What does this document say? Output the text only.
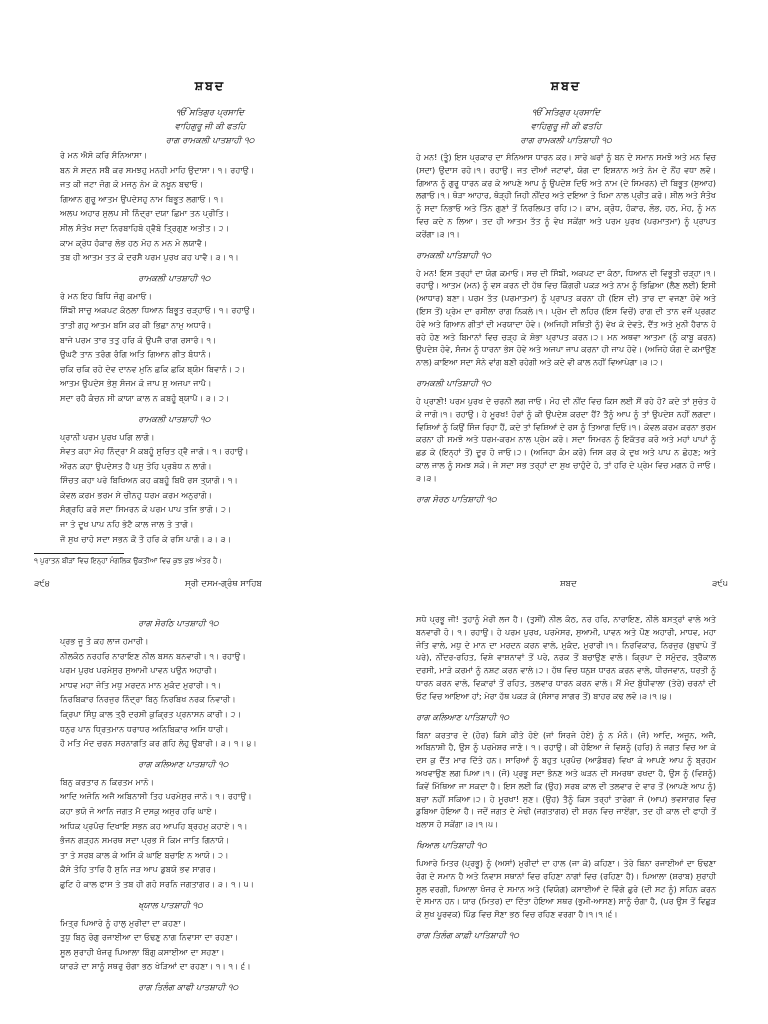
ਸ਼ਬਦ
ੴ ਸਤਿਗੁਰ ਪ੍ਰਸਾਦਿ
ਵਾਹਿਗੁਰੂ ਜੀ ਕੀ ਫਤਹਿ
ਰਾਗ ਰਾਮਕਲੀ ਪਾਤਸ਼ਾਹੀ ੧੦
ਰੇ ਮਨ ਐਸੋ ਕਰਿ ਸੰਨਿਆਸਾ।
ਬਨ ਸੇ ਸਦਨ ਸਬੈ ਕਰ ਸਮਝਹੁ ਮਨਹੀ ਮਾਹਿ ਉਦਾਸਾ। ੧। ਰਹਾਉ।
ਜਤ ਕੀ ਜਟਾ ਜੋਗ ਕੋ ਮਜਨੁ ਨੇਮ ਕੇ ਨਖੂਨ ਬਢਾਓ।
ਗਿਆਨ ਗੁਰੂ ਆਤਮ ਉਪਦੇਸਹੁ ਨਾਮ ਬਿਭੂਤ ਲਗਾਓ। ੧।
ਅਲਪ ਅਹਾਰ ਸੁਲਪ ਸੀ ਨਿੰਦ੍ਰਾ ਦਯਾ ਛਿਮਾ ਤਨ ਪ੍ਰੀਤਿ।
ਸੀਲ ਸੰਤੋਖ ਸਦਾ ਨਿਰਬਾਹਿਬੋ ਹ੍ਵੈਬੋ ਤ੍ਰਿਗੁਣ ਅਤੀਤ। ੨।
ਕਾਮ ਕ੍ਰੋਧ ਹੰਕਾਰ ਲੋਭ ਹਠ ਮੋਹ ਨ ਮਨ ਮੋ ਲਯਾਵੈ।
ਤਬ ਹੀ ਆਤਮ ਤਤ ਕੋ ਦਰਸੈ ਪਰਮ ਪੁਰਖ ਕਹ ਪਾਵੈ। ੩। ੧।
ਰਾਮਕਲੀ ਪਾਤਸ਼ਾਹੀ ੧੦
ਰੇ ਮਨ ਇਹ ਬਿਧਿ ਜੋਗੁ ਕਮਾਓ।
ਸਿੰਙੀ ਸਾਚੁ ਅਕਪਟ ਕੰਠਲਾ ਧਿਆਨ ਬਿਭੂਤ ਚੜ੍ਹਾਓ। ੧। ਰਹਾਉ।
ਤਾਤੀ ਗਹੁ ਆਤਮ ਬਸਿ ਕਰ ਕੀ ਭਿਛਾ ਨਾਮੁ ਅਧਾਰੰ।
ਬਾਜੇ ਪਰਮ ਤਾਰ ਤਤੁ ਹਰਿ ਕੋ ਉਪਜੈ ਰਾਗ ਰਸਾਰੰ। ੧।
ਉਘਟੈ ਤਾਨ ਤਰੰਗ ਰੰਗਿ ਅਤਿ ਗਿਆਨ ਗੀਤ ਬੰਧਾਨੰ।
ਚਕਿ ਚਕਿ ਰਹੇ ਦੇਵ ਦਾਨਵ ਮੁਨਿ ਛਕਿ ਛਕਿ ਬ੍ਯੋਮ ਬਿਵਾਨੰ। ੨।
ਆਤਮ ਉਪਦੇਸ ਭੇਸੁ ਸੰਜਮ ਕੋ ਜਾਪ ਸੁ ਅਜਪਾ ਜਾਪੈ।
ਸਦਾ ਰਹੈ ਕੰਚਨ ਸੀ ਕਾਯਾ ਕਾਲ ਨ ਕਬਹੂੰ ਬ੍ਯਾਪੈ। ੩। ੨।
ਰਾਮਕਲੀ ਪਾਤਸ਼ਾਹੀ ੧੦
ਪ੍ਰਾਨੀ ਪਰਮ ਪੁਰਖ ਪਗਿ ਲਾਗੋ।
ਸੋਵਤ ਕਹਾ ਮੋਹ ਨਿੰਦ੍ਰਾ ਮੈ ਕਬਹੂੰ ਸੁਚਿਤ ਹ੍ਵੈ ਜਾਗੋ। ੧। ਰਹਾਉ।
ਔਰਨ ਕਹਾ ਉਪਦੇਸਤ ਹੈ ਪਸੁ ਤੋਹਿ ਪ੍ਰਬੋਧ ਨ ਲਾਗੋ।
ਸਿੰਚਤ ਕਹਾ ਪਰੇ ਬਿਖਿਅਨ ਕਹ ਕਬਹੂੰ ਬਿਖੈ ਰਸ ਤ੍ਯਾਗੋ। ੧।
ਕੇਵਲ ਕਰਮ ਭਰਮ ਸੇ ਚੀਨਹੁ ਧਰਮ ਕਰਮ ਅਨੁਰਾਗੋ।
ਸੰਗ੍ਰਹਿ ਕਰੋ ਸਦਾ ਸਿਮਰਨ ਕੋ ਪਰਮ ਪਾਪ ਤਜਿ ਭਾਗੋ। ੨।
ਜਾ ਤੇ ਦੂਖ ਪਾਪ ਨਹਿ ਭੇਟੈ ਕਾਲ ਜਾਲ ਤੇ ਤਾਗੋ।
ਜੌ ਸੁਖ ਚਾਹੋ ਸਦਾ ਸਭਨ ਕੌ ਤੌ ਹਰਿ ਕੇ ਰਸਿ ਪਾਗੋ। ੩। ੩।
ਸ਼ਬਦ
ੴ ਸਤਿਗੁਰ ਪ੍ਰਸਾਦਿ
ਵਾਹਿਗੁਰੂ ਜੀ ਕੀ ਫਤਹਿ
ਰਾਗ ਰਾਮਕਲੀ ਪਾਤਿਸ਼ਾਹੀ ੧੦
ਹੇ ਮਨ! (ਤੂੰ) ਇਸ ਪ੍ਰਕਾਰ ਦਾ ਸੰਨਿਆਸ ਧਾਰਨ ਕਰ। ਸਾਰੇ ਘਰਾਂ ਨੂੰ ਬਨ ਦੇ ਸਮਾਨ ਸਮਝੋ ਅਤੇ ਮਨ ਵਿਚ (ਸਦਾ) ਉਦਾਸ ਰਹੋ।੧। ਰਹਾਉ। ਜਤ ਦੀਆਂ ਜਟਾਵਾਂ, ਯੋਗ ਦਾ ਇਸ਼ਨਾਨ ਅਤੇ ਨੇਮ ਦੇ ਨੌਂਹ ਵਧਾ ਲਵੋ। ਗਿਆਨ ਨੂੰ ਗੁਰੂ ਧਾਰਨ ਕਰ ਕੇ ਆਪਣੇ ਆਪ ਨੂੰ ਉਪਦੇਸ਼ ਦਿਓ ਅਤੇ ਨਾਮ (ਦੇ ਸਿਮਰਨ) ਦੀ ਬਿਭੂਤ (ਸੁਆਹ) ਲਗਾਓ।੧। ਥੋੜਾ ਆਹਾਰ, ਥੋੜ੍ਹੀ ਜਿਹੀ ਨੀਂਦਰ ਅਤੇ ਦਇਆ ਤੇ ਖਿਮਾ ਨਾਲ ਪ੍ਰੀਤ ਕਰੋ। ਸ਼ੀਲ ਅਤੇ ਸੰਤੋਖ ਨੂੰ ਸਦਾ ਨਿਭਾਓ ਅਤੇ ਤਿੰਨ ਗੁਣਾਂ ਤੋਂ ਨਿਰਲਿਪਤ ਰਹਿ।੨। ਕਾਮ, ਕ੍ਰੋਧ, ਹੰਕਾਰ, ਲੋਭ, ਹਠ, ਮੋਹ, ਨੂੰ ਮਨ ਵਿਚ ਕਦੇ ਨ ਲਿਆ। ਤਦ ਹੀ ਆਤਮ ਤੱਤ ਨੂੰ ਵੇਖ ਸਕੇਂਗਾ ਅਤੇ ਪਰਮ ਪੁਰਖ (ਪਰਮਾਤਮਾ) ਨੂੰ ਪ੍ਰਾਪਤ ਕਰੇਂਗਾ।੩।੧।
ਰਾਮਕਲੀ ਪਾਤਿਸ਼ਾਹੀ ੧੦
ਹੇ ਮਨ! ਇਸ ਤਰ੍ਹਾਂ ਦਾ ਯੋਗ ਕਮਾਓ। ਸਚ ਦੀ ਸਿੰਙੀ, ਅਕਪਟ ਦਾ ਕੰਠਾ, ਧਿਆਨ ਦੀ ਵਿਭੂਤੀ ਚੜ੍ਹਾ।੧। ਰਹਾਉ। ਆਤਮ (ਮਨ) ਨੂੰ ਵਸ ਕਰਨ ਦੀ ਹੱਥ ਵਿਚ ਕਿੰਗਰੀ ਪਕੜ ਅਤੇ ਨਾਮ ਨੂੰ ਭਿਛਿਆ (ਲੈਣ ਲਈ) ਇਸੀ (ਆਧਾਰ) ਬਣਾ। ਪਰਮ ਤੱਤ (ਪਰਮਾਤਮਾ) ਨੂੰ ਪ੍ਰਾਪਤ ਕਰਨਾ ਹੀ (ਇਸ ਦੀ) ਤਾਰ ਦਾ ਵਜਣਾ ਹੋਵੇ ਅਤੇ (ਇਸ ਤੋਂ) ਪ੍ਰੇਮ ਦਾ ਰਸੀਲਾ ਰਾਗ ਨਿਕਲੇ।੧। ਪ੍ਰੇਮ ਦੀ ਲਹਿਰ (ਇਸ ਵਿਚੋਂ) ਰਾਗ ਦੀ ਤਾਨ ਵਜੋਂ ਪ੍ਰਗਟ ਹੋਵੇ ਅਤੇ ਗਿਆਨ ਗੀਤਾਂ ਦੀ ਮਰਯਾਦਾ ਹੋਵੇ। (ਅਜਿਹੀ ਸਥਿਤੀ ਨੂੰ) ਵੇਖ ਕੇ ਦੇਵਤੇ, ਦੈਂਤ ਅਤੇ ਮੁਨੀ ਹੈਰਾਨ ਹੋ ਰਹੇ ਹੋਣ ਅਤੇ ਬਿਮਾਨਾਂ ਵਿਚ ਚੜ੍ਹ ਕੇ ਸ਼ੋਭਾ ਪ੍ਰਾਪਤ ਕਰਨ।੨। ਮਨ ਅਥਵਾ ਆਤਮਾ (ਨੂੰ ਕਾਬੂ ਕਰਨ) ਉਪਦੇਸ਼ ਹੋਵੇ, ਸੰਜਮ ਨੂੰ ਧਾਰਨਾ ਭੇਸ ਹੋਵੇ ਅਤੇ ਅਜਪਾ ਜਾਪ ਕਰਨਾ ਹੀ ਜਾਪ ਹੋਵੇ। (ਅਜਿਹੇ ਯੋਗ ਦੇ ਕਮਾਉਣ ਨਾਲ) ਕਾਇਆ ਸਦਾ ਸੋਨੇ ਵਾਂਗ ਬਣੀ ਰਹੇਗੀ ਅਤੇ ਕਦੇ ਵੀ ਕਾਲ ਨਹੀਂ ਵਿਆਪੇਗਾ।੩।੨।
ਰਾਮਕਲੀ ਪਾਤਿਸ਼ਾਹੀ ੧੦
ਹੇ ਪ੍ਰਾਣੀ! ਪਰਮ ਪੁਰਖ ਦੇ ਚਰਨੀ ਲਗ ਜਾਓ। ਮੋਹ ਦੀ ਨੀਂਦ ਵਿਚ ਕਿਸ ਲਈ ਸੌਂ ਰਹੇ ਹੋ? ਕਦੇ ਤਾਂ ਸੁਚੇਤ ਹੋ ਕੇ ਜਾਗੋ।੧। ਰਹਾਉ। ਹੇ ਮੂਰਖ! ਹੋਰਾਂ ਨੂੰ ਕੀ ਉਪਦੇਸ਼ ਕਰਦਾ ਹੈਂ? ਤੈਨੂੰ ਆਪ ਨੂੰ ਤਾਂ ਉਪਦੇਸ਼ ਨਹੀਂ ਲਗਦਾ। ਵਿਸ਼ਿਆਂ ਨੂੰ ਕਿਉਂ ਸਿੰਜ ਰਿਹਾ ਹੈਂ, ਕਦੇ ਤਾਂ ਵਿਸ਼ਿਆਂ ਦੇ ਰਸ ਨੂੰ ਤਿਆਗ ਦਿਓ।੧। ਕੇਵਲ ਕਰਮ ਕਰਨਾ ਭਰਮ ਕਰਨਾ ਹੀ ਸਮਝੋ ਅਤੇ ਧਰਮ-ਕਰਮ ਨਾਲ ਪ੍ਰੇਮ ਕਰੋ। ਸਦਾ ਸਿਮਰਨ ਨੂੰ ਇਕੱਤਰ ਕਰੋ ਅਤੇ ਮਹਾਂ ਪਾਪਾਂ ਨੂੰ ਛਡ ਕੇ (ਇਨ੍ਹਾਂ ਤੋਂ) ਦੂਰ ਹੋ ਜਾਓ।੨। (ਅਜਿਹਾ ਕੰਮ ਕਰੋ) ਜਿਸ ਕਰ ਕੇ ਦੁਖ ਅਤੇ ਪਾਪ ਨ ਛੋਹਣ; ਅਤੇ ਕਾਲ ਜਾਲ ਨੂੰ ਸਮਝ ਸਕੋ। ਜੇ ਸਦਾ ਸਭ ਤਰ੍ਹਾਂ ਦਾ ਸੁਖ ਚਾਹੁੰਦੇ ਹੋ, ਤਾਂ ਹਰਿ ਦੇ ਪ੍ਰੇਮ ਵਿਚ ਮਗਨ ਹੋ ਜਾਓ।੩।੩।
ਰਾਗ ਸੋਰਠ ਪਾਤਿਸ਼ਾਹੀ ੧੦
੧ ਪੁਰਾਤਨ ਬੀੜਾਂ ਵਿਚ ਇਨ੍ਹਾਂ ਮੰਗਲਿਕ ਉਕਤੀਆਂ ਵਿਚ ਕੁਝ ਕੁਝ ਅੰਤਰ ਹੈ।
੩੯੪	ਸ੍ਰੀ ਦਸਮ-ਗ੍ਰੰਥ ਸਾਹਿਬ	ਸ਼ਬਦ	੩੯੫
ਰਾਗ ਸੋਰਠਿ ਪਾਤਸ਼ਾਹੀ ੧੦
ਪ੍ਰਭ ਜੂ ਤੋ ਕਹ ਲਾਜ ਹਮਾਰੀ।
ਨੀਲਕੰਠ ਨਰਹਰਿ ਨਾਰਾਇਣ ਨੀਲ ਬਸਨ ਬਨਵਾਰੀ। ੧। ਰਹਾਉ।
ਪਰਮ ਪੁਰਖ ਪਰਮੇਸੁਰ ਸੁਆਮੀ ਪਾਵਨ ਪਉਨ ਅਹਾਰੀ।
ਮਾਧਵ ਮਹਾ ਜੋਤਿ ਮਧੁ ਮਰਦਨ ਮਾਨ ਮੁਕੰਦ ਮੁਰਾਰੀ। ੧।
ਨਿਰਬਿਕਾਰ ਨਿਰਜੁਰ ਨਿੰਦ੍ਰਾ ਬਿਨੁ ਨਿਰਬਿਖ ਨਰਕ ਨਿਵਾਰੀ।
ਕ੍ਰਿਪਾ ਸਿੰਧੁ ਕਾਲ ਤ੍ਰੈ ਦਰਸੀ ਕੁਕ੍ਰਿਤ ਪ੍ਰਨਾਸਨ ਕਾਰੀ। ੨।
ਧਨੁਰ ਪਾਨ ਧ੍ਰਿਤਮਾਨ ਧਰਾਧਰ ਅਨਿਬਿਕਾਰ ਅਸਿ ਧਾਰੀ।
ਹੌ ਮਤਿ ਮੰਦ ਚਰਨ ਸਰਨਾਗਤਿ ਕਰ ਗਹਿ ਲੇਹੁ ਉਬਾਰੀ। ੩। ੧। ੪।
ਰਾਗ ਕਲਿਆਣ ਪਾਤਸ਼ਾਹੀ ੧੦
ਬਿਨੁ ਕਰਤਾਰ ਨ ਕਿਰਤਮ ਮਾਨੋ।
ਆਦਿ ਅਜੋਨਿ ਅਜੈ ਅਬਿਨਾਸੀ ਤਿਹ ਪਰਮੇਸੁਰ ਜਾਨੋ। ੧। ਰਹਾਉ।
ਕਹਾ ਭਯੋ ਜੋ ਆਨਿ ਜਗਤ ਮੈ ਦਸਕੁ ਅਸੁਰ ਹਰਿ ਘਾਏ।
ਅਧਿਕ ਪ੍ਰਪੰਚ ਦਿਖਾਇ ਸਭਨ ਕਹ ਆਪਹਿ ਬ੍ਰਹਮੁ ਕਹਾਏ। ੧।
ਭੰਜਨ ਗੜ੍ਹਨ ਸਮਰਥ ਸਦਾ ਪ੍ਰਭ ਸੋ ਕਿਮ ਜਾਤਿ ਗਿਨਾਯੋ।
ਤਾ ਤੇ ਸਰਬ ਕਾਲ ਕੇ ਅਸਿ ਕੋ ਘਾਇ ਬਚਾਇ ਨ ਆਯੋ। ੨।
ਕੈਸੇ ਤੋਹਿ ਤਾਰਿ ਹੈ ਸੁਨਿ ਜੜ ਆਪ ਡੁਬਯੋ ਭਵ ਸਾਗਰ।
ਛੁਟਿ ਹੋ ਕਾਲ ਫਾਸ ਤੇ ਤਬ ਹੀ ਗਹੋ ਸਰਨਿ ਜਗਤਾਗਰ। ੩। ੧। ੫।
ਖ੍ਯਾਲ ਪਾਤਸ਼ਾਹੀ ੧੦
ਮਿਤ੍ਰ ਪਿਆਰੇ ਨੂੰ ਹਾਲੁ ਮੁਰੀਦਾ ਦਾ ਕਹਣਾ।
ਤੁਧੁ ਬਿਨੁ ਰੋਗੁ ਰਜਾਈਆ ਦਾ ਓਢਣੁ ਨਾਗ ਨਿਵਾਸਾ ਦਾ ਰਹਣਾ।
ਸੂਲ ਸੁਰਾਹੀ ਖੰਜਰੁ ਪਿਆਲਾ ਬਿੰਗੁ ਕਸਾਈਆ ਦਾ ਸਹਣਾ।
ਯਾਰੜੇ ਦਾ ਸਾਨੂੰ ਸਥਰੁ ਚੰਗਾ ਭਠ ਖੇੜਿਆਂ ਦਾ ਰਹਣਾ। ੧। ੧। ੬।
ਰਾਗ ਤਿਲੰਗ ਕਾਫੀ ਪਾਤਸ਼ਾਹੀ ੧੦
ਸਧੋ ਪ੍ਰਭੂ ਜੀ! ਤੁਹਾਨੂੰ ਮੇਰੀ ਲਜ ਹੈ। (ਤੁਸੀਂ) ਨੀਲ ਕੰਠ, ਨਰ ਹਰਿ, ਨਾਰਾਇਣ, ਨੀਲੇ ਬਸਤ੍ਰਾਂ ਵਾਲੇ ਅਤੇ ਬਨਵਾਰੀ ਹੋ। ੧। ਰਹਾਉ। ਹੇ ਪਰਮ ਪੁਰਖ, ਪਰਮੇਸਰ, ਸੁਆਮੀ, ਪਾਵਨ ਅਤੇ ਪੌਣ ਅਹਾਰੀ, ਮਾਧਵ, ਮਹਾ ਜੋਤਿ ਵਾਲੇ, ਮਧੁ ਦੇ ਮਾਨ ਦਾ ਮਰਦਨ ਕਰਨ ਵਾਲੇ, ਮੁਕੰਦ, ਮੁਰਾਰੀ।੧। ਨਿਰਵਿਕਾਰ, ਨਿਰਜੁਰ (ਬੁਢਾਪੇ ਤੋਂ ਪਰੇ), ਨੀਂਦਰ-ਰਹਿਤ, ਵਿਸ਼ੇ ਵਾਸ਼ਨਾਵਾਂ ਤੋਂ ਪਰੇ, ਨਰਕ ਤੋਂ ਬਚਾਉਣ ਵਾਲੇ। ਕ੍ਰਿਪਾ ਦੇ ਸਮੁੰਦਰ, ਤ੍ਰੈਕਾਲ ਦਰਸੀ, ਮਾੜੇ ਕਰਮਾਂ ਨੂੰ ਨਸ਼ਟ ਕਰਨ ਵਾਲੇ।੨। ਹੱਥ ਵਿਚ ਧਨੁਸ਼ ਧਾਰਨ ਕਰਨ ਵਾਲੇ, ਧੀਰਜਵਾਨ, ਧਰਤੀ ਨੂੰ ਧਾਰਨ ਕਰਨ ਵਾਲੇ, ਵਿਕਾਰਾਂ ਤੋਂ ਰਹਿਤ, ਤਲਵਾਰ ਧਾਰਨ ਕਰਨ ਵਾਲੇ। ਮੈਂ ਮੰਦ ਬੁੱਧੀਵਾਲਾ (ਤੇਰੇ) ਚਰਨਾਂ ਦੀ ਓਟ ਵਿਚ ਆਇਆ ਹਾਂ; ਮੇਰਾ ਹੱਥ ਪਕੜ ਕੇ (ਸੰਸਾਰ ਸਾਗਰ ਤੋਂ) ਬਾਹਰ ਕਢ ਲਵੋ।੩।੧।੪।
ਰਾਗ ਕਲਿਆਣ ਪਾਤਿਸ਼ਾਹੀ ੧੦
ਬਿਨਾ ਕਰਤਾਰ ਦੇ (ਹੋਰ) ਕਿਸੇ ਕੀਤੇ ਹੋਏ (ਜਾਂ ਸਿਰਜੇ ਹੋਏ) ਨੂੰ ਨ ਮੰਨੋ। (ਜੋ) ਆਦਿ, ਅਜੂਨ, ਅਜੈ, ਅਬਿਨਾਸ਼ੀ ਹੈ, ਉਸ ਨੂੰ ਪਰਮੇਸ਼ਰ ਜਾਣੋ। ੧। ਰਹਾਉ। ਕੀ ਹੋਇਆ ਜੇ ਵਿਸ਼ਨੂੰ (ਹਰਿ) ਨੇ ਜਗਤ ਵਿਚ ਆ ਕੇ ਦਸ ਕੁ ਦੈਂਤ ਮਾਰ ਦਿੱਤੇ ਹਨ। ਸਾਰਿਆਂ ਨੂੰ ਬਹੁਤ ਪ੍ਰਪੰਚ (ਆਡੰਬਰ) ਵਿਖਾ ਕੇ ਆਪਣੇ ਆਪ ਨੂੰ ਬ੍ਰਹਮ ਅਖਵਾਉਣ ਲਗ ਪਿਆ।੧। (ਜੋ) ਪ੍ਰਭੂ ਸਦਾ ਭੰਨਣ ਅਤੇ ਘੜਨ ਦੀ ਸਮਰਥਾ ਰਖਦਾ ਹੈ, ਉਸ ਨੂੰ (ਵਿਸ਼ਨੂੰ) ਕਿਵੇਂ ਮਿੱਥਿਆ ਜਾ ਸਕਦਾ ਹੈ। ਇਸ ਲਈ ਕਿ (ਉਹ) ਸਰਬ ਕਾਲ ਦੀ ਤਲਵਾਰ ਦੇ ਵਾਰ ਤੋਂ (ਆਪਣੇ ਆਪ ਨੂੰ) ਬਚਾ ਨਹੀਂ ਸਕਿਆ।੨। ਹੇ ਮੂਰਖਾ! ਸੁਣ। (ਉਹ) ਤੈਨੂੰ ਕਿਸ ਤਰ੍ਹਾਂ ਤਾਰੇਗਾ ਜੋ (ਆਪ) ਭਵਸਾਗਰ ਵਿਚ ਡੁਬਿਆ ਹੋਇਆ ਹੈ। ਜਦੋਂ ਜਗਤ ਦੇ ਮੋਢੀ (ਜਗਤਾਗਰ) ਦੀ ਸ਼ਰਨ ਵਿਚ ਜਾਏਂਗਾ, ਤਦ ਹੀ ਕਾਲ ਦੀ ਫਾਹੀ ਤੋਂ ਖ਼ਲਾਸ ਹੋ ਸਕੇਂਗਾ।੩।੧।੫।
ਖਿਆਲ ਪਾਤਿਸ਼ਾਹੀ ੧੦
ਪਿਆਰੇ ਮਿਤਰ (ਪ੍ਰਭੂ) ਨੂੰ (ਅਸਾਂ) ਮੁਰੀਦਾਂ ਦਾ ਹਾਲ (ਜਾ ਕੇ) ਕਹਿਣਾ। ਤੇਰੇ ਬਿਨਾ ਰਜਾਈਆਂ ਦਾ ਓਢਣਾ ਰੋਗ ਦੇ ਸਮਾਨ ਹੈ ਅਤੇ ਨਿਵਾਸ ਸਥਾਨਾਂ ਵਿਚ ਰਹਿਣਾ ਨਾਗਾਂ ਵਿਚ (ਰਹਿਣਾ ਹੈ)। ਪਿਆਲਾ (ਸ਼ਰਾਬ) ਸੁਰਾਹੀ ਸੂਲ ਵਰਗੀ, ਪਿਆਲਾ ਖੰਜਰ ਦੇ ਸਮਾਨ ਅਤੇ (ਵਿਯੋਗ) ਕਸਾਈਆਂ ਦੇ ਵਿੰਗੇ ਛੁਰੇ (ਦੀ ਸਟ ਨੂੰ) ਸਹਿਨ ਕਰਨ ਦੇ ਸਮਾਨ ਹਨ। ਯਾਰ (ਮਿਤਰ) ਦਾ ਦਿੱਤਾ ਹੋਇਆ ਸਥਰ (ਭੁਮੀ-ਆਸਣ) ਸਾਨੂੰ ਚੰਗਾ ਹੈ, (ਪਰ ਉਸ ਤੋਂ ਵਿਛੁੜ ਕੇ ਸੁਖ ਪੂਰਵਕ) ਪਿੰਡ ਵਿਚ ਸੌਣਾ ਭਠ ਵਿਚ ਰਹਿਣ ਵਰਗਾ ਹੈ।੧।੧।੬।
ਰਾਗ ਤਿਲੰਗ ਕਾਫ਼ੀ ਪਾਤਿਸ਼ਾਹੀ ੧੦
